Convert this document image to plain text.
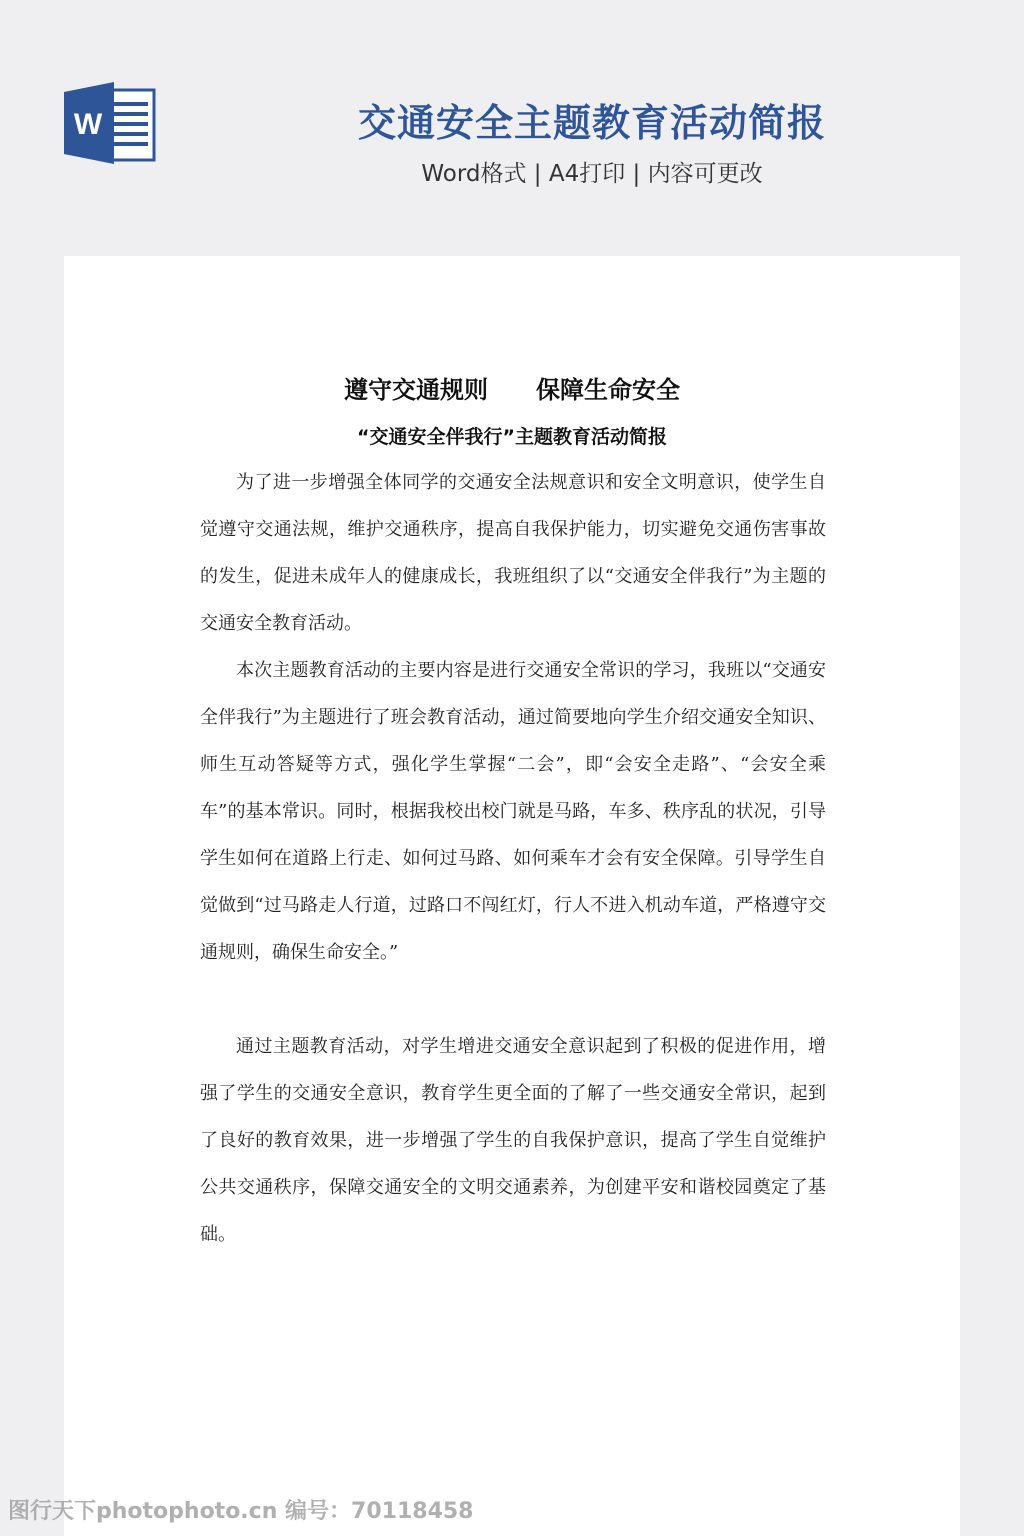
W	交通安全主题教育活动简报
Word格式 | A4打印 | 内容可更改
遵守交通规则　　保障生命安全
“交通安全伴我行”主题教育活动简报

为了进一步增强全体同学的交通安全法规意识和安全文明意识，使学生自觉遵守交通法规，维护交通秩序，提高自我保护能力，切实避免交通伤害事故的发生，促进未成年人的健康成长，我班组织了以“交通安全伴我行”为主题的交通安全教育活动。

本次主题教育活动的主要内容是进行交通安全常识的学习，我班以“交通安全伴我行”为主题进行了班会教育活动，通过简要地向学生介绍交通安全知识、师生互动答疑等方式，强化学生掌握“二会”，即“会安全走路”、“会安全乘车”的基本常识。同时，根据我校出校门就是马路，车多、秩序乱的状况，引导学生如何在道路上行走、如何过马路、如何乘车才会有安全保障。引导学生自觉做到“过马路走人行道，过路口不闯红灯，行人不进入机动车道，严格遵守交通规则，确保生命安全。”

通过主题教育活动，对学生增进交通安全意识起到了积极的促进作用，增强了学生的交通安全意识，教育学生更全面的了解了一些交通安全常识，起到了良好的教育效果，进一步增强了学生的自我保护意识，提高了学生自觉维护公共交通秩序，保障交通安全的文明交通素养，为创建平安和谐校园奠定了基础。

图行天下photophoto.cn 编号：70118458
